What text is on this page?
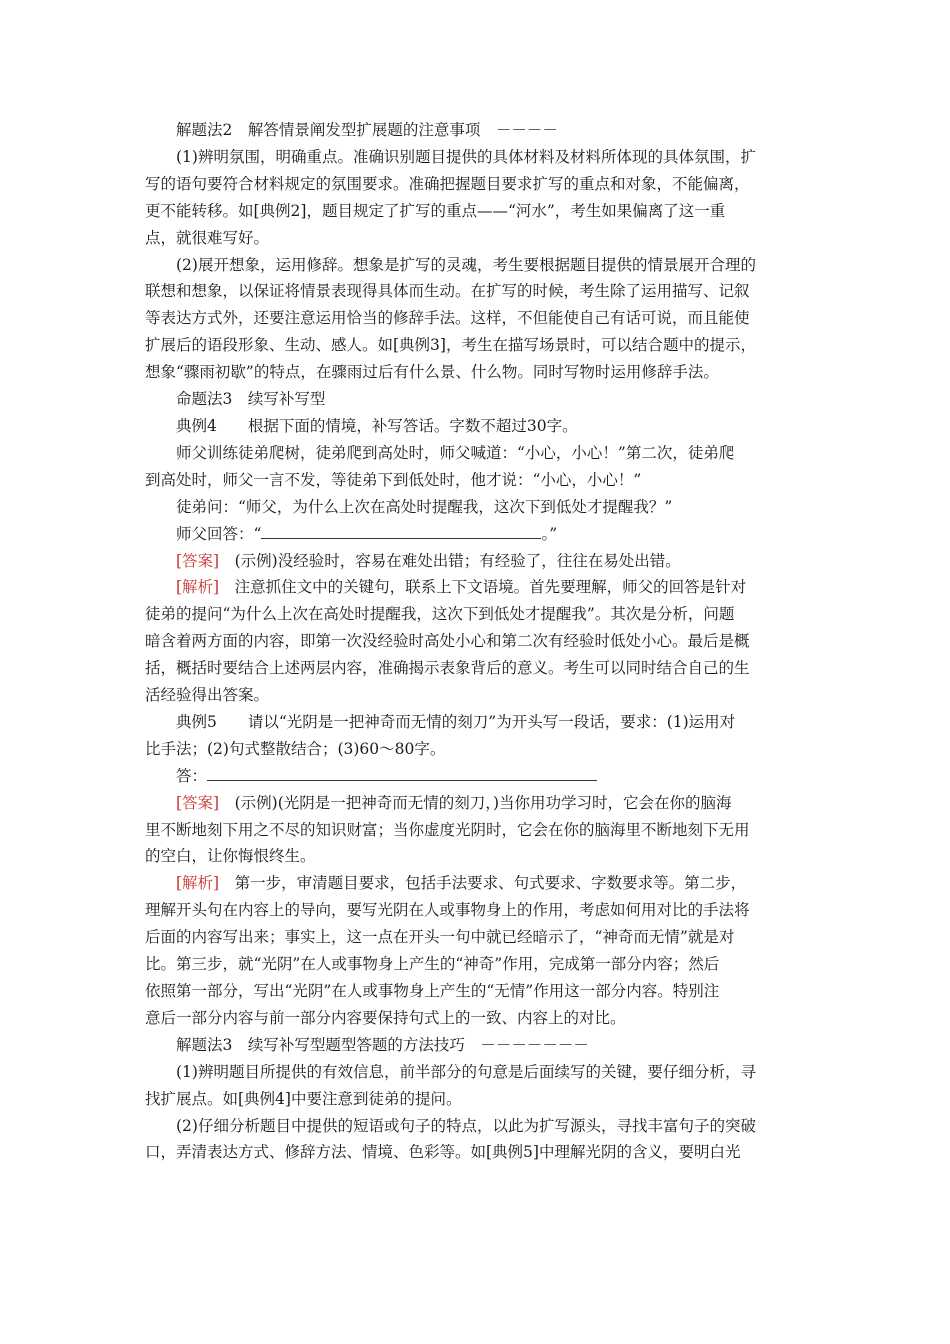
解题法2　解答情景阐发型扩展题的注意事项　－－－－

(1)辨明氛围，明确重点。准确识别题目提供的具体材料及材料所体现的具体氛围，扩

写的语句要符合材料规定的氛围要求。准确把握题目要求扩写的重点和对象，不能偏离，

更不能转移。如[典例2]，题目规定了扩写的重点——“河水”，考生如果偏离了这一重

点，就很难写好。

(2)展开想象，运用修辞。想象是扩写的灵魂，考生要根据题目提供的情景展开合理的

联想和想象，以保证将情景表现得具体而生动。在扩写的时候，考生除了运用描写、记叙

等表达方式外，还要注意运用恰当的修辞手法。这样，不但能使自己有话可说，而且能使

扩展后的语段形象、生动、感人。如[典例3]，考生在描写场景时，可以结合题中的提示，

想象“骤雨初歇”的特点，在骤雨过后有什么景、什么物。同时写物时运用修辞手法。

命题法3　续写补写型

典例4　　根据下面的情境，补写答话。字数不超过30字。

师父训练徒弟爬树，徒弟爬到高处时，师父喊道：“小心，小心！”第二次，徒弟爬

到高处时，师父一言不发，等徒弟下到低处时，他才说：“小心，小心！”

徒弟问：“师父，为什么上次在高处时提醒我，这次下到低处才提醒我？”

师父回答：“	。”

[答案]　(示例)没经验时，容易在难处出错；有经验了，往往在易处出错。

[解析]　注意抓住文中的关键句，联系上下文语境。首先要理解，师父的回答是针对

徒弟的提问“为什么上次在高处时提醒我，这次下到低处才提醒我”。其次是分析，问题

暗含着两方面的内容，即第一次没经验时高处小心和第二次有经验时低处小心。最后是概

括，概括时要结合上述两层内容，准确揭示表象背后的意义。考生可以同时结合自己的生

活经验得出答案。

典例5　　请以“光阴是一把神奇而无情的刻刀”为开头写一段话，要求：(1)运用对

比手法；(2)句式整散结合；(3)60～80字。

答：

[答案]　(示例)(光阴是一把神奇而无情的刻刀，)当你用功学习时，它会在你的脑海

里不断地刻下用之不尽的知识财富；当你虚度光阴时，它会在你的脑海里不断地刻下无用

的空白，让你悔恨终生。

[解析]　第一步，审清题目要求，包括手法要求、句式要求、字数要求等。第二步，

理解开头句在内容上的导向，要写光阴在人或事物身上的作用，考虑如何用对比的手法将

后面的内容写出来；事实上，这一点在开头一句中就已经暗示了，“神奇而无情”就是对

比。第三步，就“光阴”在人或事物身上产生的“神奇”作用，完成第一部分内容；然后

依照第一部分，写出“光阴”在人或事物身上产生的“无情”作用这一部分内容。特别注

意后一部分内容与前一部分内容要保持句式上的一致、内容上的对比。

解题法3　续写补写型题型答题的方法技巧　－－－－－－－

(1)辨明题目所提供的有效信息，前半部分的句意是后面续写的关键，要仔细分析，寻

找扩展点。如[典例4]中要注意到徒弟的提问。

(2)仔细分析题目中提供的短语或句子的特点，以此为扩写源头，寻找丰富句子的突破

口，弄清表达方式、修辞方法、情境、色彩等。如[典例5]中理解光阴的含义，要明白光
